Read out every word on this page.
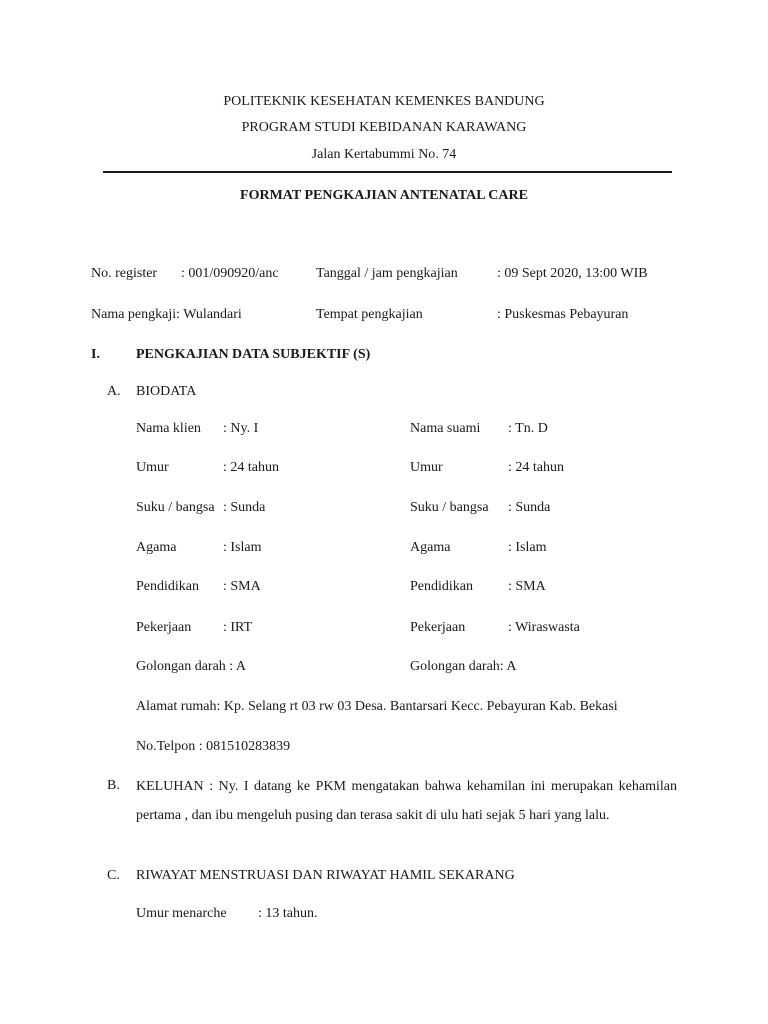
POLITEKNIK KESEHATAN KEMENKES BANDUNG
PROGRAM STUDI KEBIDANAN KARAWANG
Jalan Kertabummi No. 74
FORMAT PENGKAJIAN ANTENATAL CARE
No. register : 001/090920/anc	Tanggal / jam pengkajian	: 09 Sept 2020, 13:00 WIB
Nama pengkaji: Wulandari	Tempat pengkajian	: Puskesmas Pebayuran
I.	PENGKAJIAN DATA SUBJEKTIF (S)
A. BIODATA
Nama klien : Ny. I	Nama suami : Tn. D
Umur	: 24 tahun	Umur	: 24 tahun
Suku / bangsa : Sunda	Suku / bangsa : Sunda
Agama	: Islam	Agama	: Islam
Pendidikan : SMA	Pendidikan	: SMA
Pekerjaan : IRT	Pekerjaan	: Wiraswasta
Golongan darah : A	Golongan darah: A
Alamat rumah: Kp. Selang rt 03 rw 03 Desa. Bantarsari Kecc. Pebayuran Kab. Bekasi
No.Telpon : 081510283839
B. KELUHAN : Ny. I datang ke PKM mengatakan bahwa kehamilan ini merupakan kehamilan pertama , dan ibu mengeluh pusing dan terasa sakit di ulu hati sejak 5 hari yang lalu.
C. RIWAYAT MENSTRUASI DAN RIWAYAT HAMIL SEKARANG
Umur menarche : 13 tahun.
